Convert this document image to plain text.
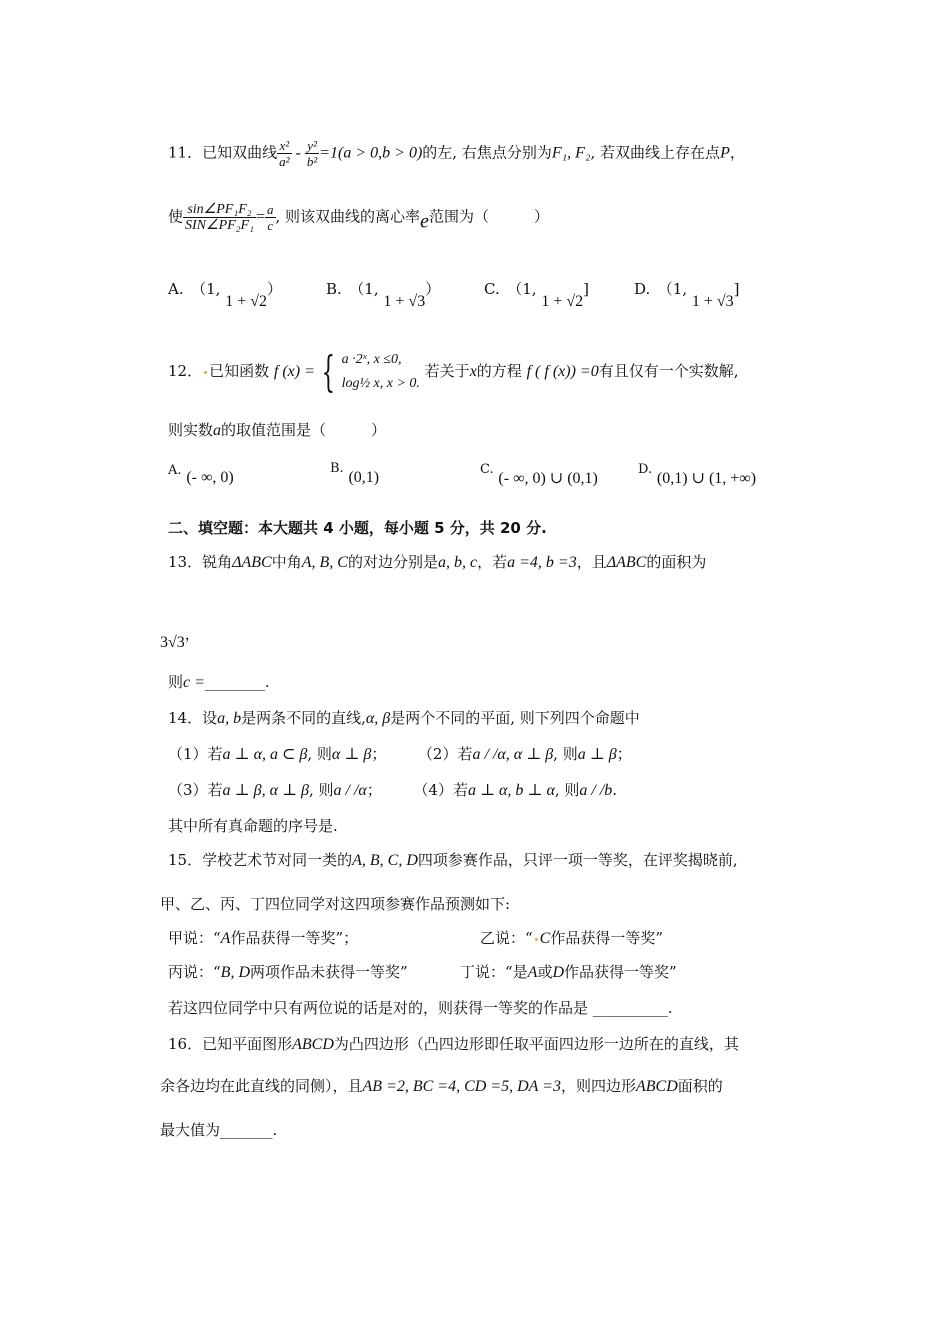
11．已知双曲线 $\frac{\text{x²}}{\text{a²}} - \frac{\text{y²}}{\text{b²}} =1(a > 0,b > 0)$的左, 右焦点分别为F₁, F₂, 若双曲线上存在点P，
使 $\frac{\text{sin∠PF₁F₂}}{\text{SIN∠PF₂F₁}} = \frac{a}{c}$ , 则该双曲线的离心率e范围为（　　　）
A.　（1, 1 + √2）	B.　（1, 1 + √3）	C.　（1, 1 + √2]	D.　（1, 1 + √3]
12． 已知函数 f (x) = { a ·2ˣ, x ≤0,
log½ x, x > 0.
若关于x的方程 f ( f (x)) =0有且仅有一个实数解,
则实数a的取值范围是（　　　）
A. (- ∞, 0)
B. (0,1)	C. (- ∞, 0) ∪ (0,1)
D. (0,1) ∪ (1, +∞)
二、填空题：本大题共 4 小题，每小题 5 分，共 20 分.
13．锐角ΔABC中角A, B, C的对边分别是a, b, c，若a =4, b =3，且ΔABC的面积为
3√3，
则c =________.
14．设a, b是两条不同的直线,α, β是两个不同的平面, 则下列四个命题中
（1）若a ⊥ α, a ⊂ β, 则α ⊥ β； （2）若a / /α, α ⊥ β, 则a ⊥ β；
（3）若a ⊥ β, α ⊥ β, 则a / /α； （4）若a ⊥ α, b ⊥ α, 则a / /b.
其中所有真命题的序号是.
15．学校艺术节对同一类的A, B, C, D四项参赛作品，只评一项一等奖，在评奖揭晓前,
甲、乙、丙、丁四位同学对这四项参赛作品预测如下:
甲说：“A作品获得一等奖”；	乙说：“ C作品获得一等奖”
丙说：“B, D两项作品未获得一等奖”	丁说：“是A或D作品获得一等奖”
若这四位同学中只有两位说的话是对的，则获得一等奖的作品是 __________.
16．已知平面图形ABCD为凸四边形（凸四边形即任取平面四边形一边所在的直线，其
余各边均在此直线的同侧），且AB =2, BC =4, CD =5, DA =3，则四边形ABCD面积的
最大值为_______.
